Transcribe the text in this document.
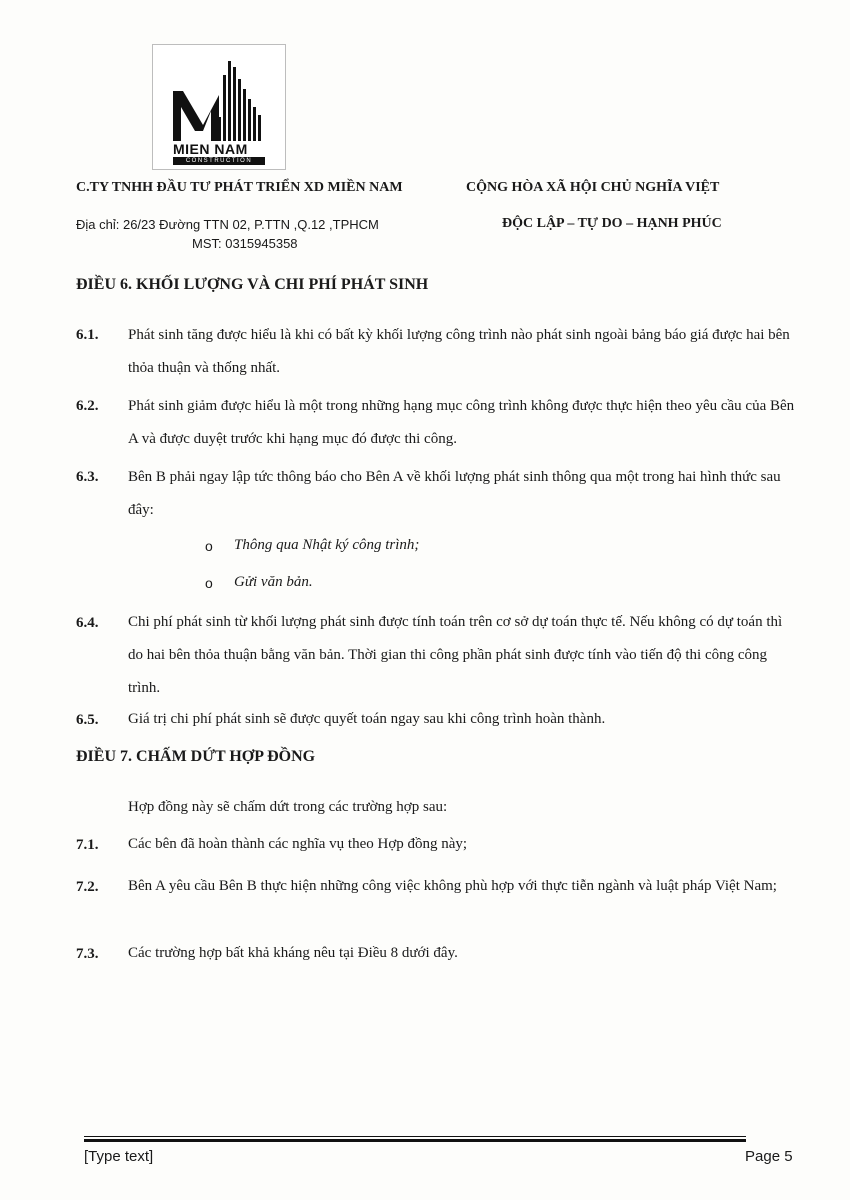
MIEN NAM
CONSTRUCTION
C.TY TNHH ĐẦU TƯ PHÁT TRIỂN XD MIỀN NAM
Địa chỉ: 26/23 Đường TTN 02, P.TTN ,Q.12 ,TPHCM
MST: 0315945358
CỘNG HÒA XÃ HỘI CHỦ NGHĨA VIỆT
ĐỘC LẬP – TỰ DO – HẠNH PHÚC
ĐIỀU 6. KHỐI LƯỢNG VÀ CHI PHÍ PHÁT SINH
6.1. Phát sinh tăng được hiểu là khi có bất kỳ khối lượng công trình nào phát sinh ngoài bảng báo giá được hai bên thỏa thuận và thống nhất.
6.2. Phát sinh giảm được hiểu là một trong những hạng mục công trình không được thực hiện theo yêu cầu của Bên A và được duyệt trước khi hạng mục đó được thi công.
6.3. Bên B phải ngay lập tức thông báo cho Bên A về khối lượng phát sinh thông qua một trong hai hình thức sau đây:
o Thông qua Nhật ký công trình;
o Gửi văn bản.
6.4. Chi phí phát sinh từ khối lượng phát sinh được tính toán trên cơ sở dự toán thực tế. Nếu không có dự toán thì do hai bên thỏa thuận bằng văn bản. Thời gian thi công phần phát sinh được tính vào tiến độ thi công công trình.
6.5. Giá trị chi phí phát sinh sẽ được quyết toán ngay sau khi công trình hoàn thành.
ĐIỀU 7. CHẤM DỨT HỢP ĐỒNG
Hợp đồng này sẽ chấm dứt trong các trường hợp sau:
7.1. Các bên đã hoàn thành các nghĩa vụ theo Hợp đồng này;
7.2. Bên A yêu cầu Bên B thực hiện những công việc không phù hợp với thực tiễn ngành và luật pháp Việt Nam;
7.3. Các trường hợp bất khả kháng nêu tại Điều 8 dưới đây.
[Type text]	Page 5
